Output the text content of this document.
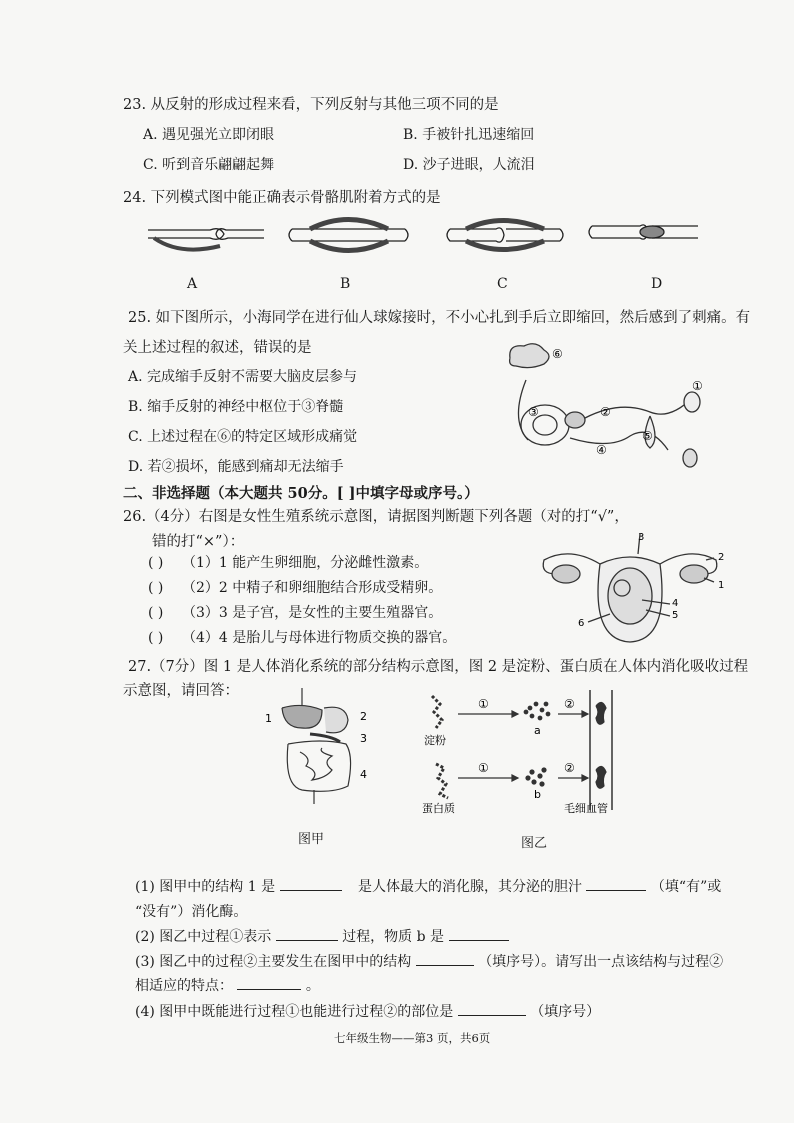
23. 从反射的形成过程来看，下列反射与其他三项不同的是
A. 遇见强光立即闭眼	B. 手被针扎迅速缩回
C. 听到音乐翩翩起舞	D. 沙子进眼，人流泪
24. 下列模式图中能正确表示骨骼肌附着方式的是
A	B	C	D
25. 如下图所示，小海同学在进行仙人球嫁接时，不小心扎到手后立即缩回，然后感到了刺痛。有
关上述过程的叙述，错误的是
A. 完成缩手反射不需要大脑皮层参与
B. 缩手反射的神经中枢位于③脊髓
C. 上述过程在⑥的特定区域形成痛觉
D. 若②损坏，能感到痛却无法缩手
⑥
③	②
①
④
⑤
二、非选择题（本大题共 50分。[ ]中填字母或序号。）
26.（4分）右图是女性生殖系统示意图，请据图判断题下列各题（对的打“√”，
错的打“×”）：
( ) （1）1 能产生卵细胞，分泌雌性激素。
( ) （2）2 中精子和卵细胞结合形成受精卵。
( ) （3）3 是子宫，是女性的主要生殖器官。
( ) （4）4 是胎儿与母体进行物质交换的器官。
3
2
1
4
5
6
27.（7分）图 1 是人体消化系统的部分结构示意图，图 2 是淀粉、蛋白质在人体内消化吸收过程
示意图，请回答：
1	2
3
4
图甲
①
①
②
②
a
b
淀粉
蛋白质	毛细血管
图乙
(1) 图甲中的结构 1 是	是人体最大的消化腺，其分泌的胆汁	（填“有”或
“没有”）消化酶。
(2) 图乙中过程①表示	过程，物质 b 是
(3) 图乙中的过程②主要发生在图甲中的结构	（填序号）。请写出一点该结构与过程②
相适应的特点：	。
(4) 图甲中既能进行过程①也能进行过程②的部位是	（填序号）
七年级生物——第3 页，共6页
